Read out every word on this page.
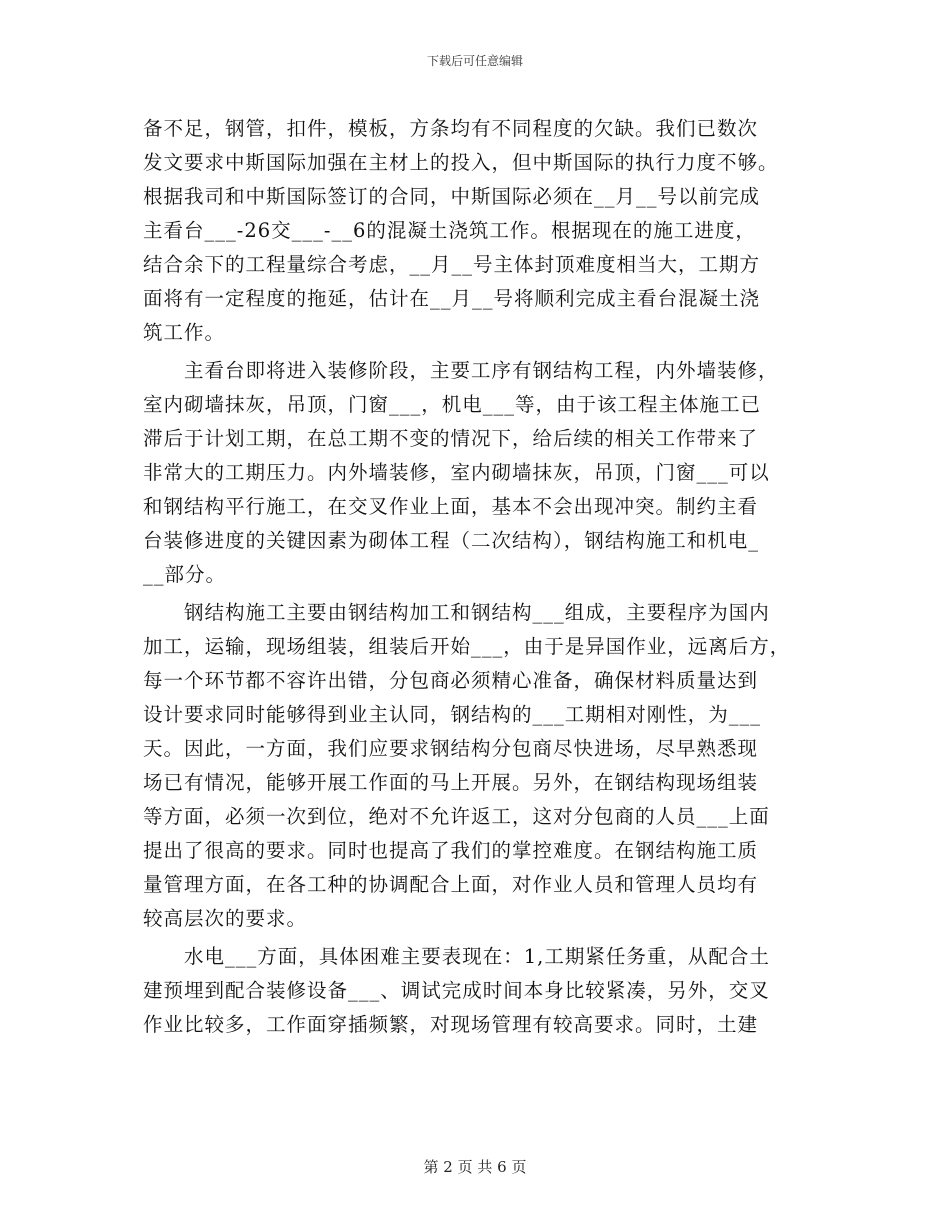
下载后可任意编辑
备不足，钢管，扣件，模板，方条均有不同程度的欠缺。我们已数次
发文要求中斯国际加强在主材上的投入，但中斯国际的执行力度不够。
根据我司和中斯国际签订的合同，中斯国际必须在__月__号以前完成
主看台___-26交___-__6的混凝土浇筑工作。根据现在的施工进度，
结合余下的工程量综合考虑，__月__号主体封顶难度相当大，工期方
面将有一定程度的拖延，估计在__月__号将顺利完成主看台混凝土浇
筑工作。
　　主看台即将进入装修阶段，主要工序有钢结构工程，内外墙装修，
室内砌墙抹灰，吊顶，门窗___，机电___等，由于该工程主体施工已
滞后于计划工期，在总工期不变的情况下，给后续的相关工作带来了
非常大的工期压力。内外墙装修，室内砌墙抹灰，吊顶，门窗___可以
和钢结构平行施工，在交叉作业上面，基本不会出现冲突。制约主看
台装修进度的关键因素为砌体工程（二次结构），钢结构施工和机电_
__部分。
　　钢结构施工主要由钢结构加工和钢结构___组成，主要程序为国内
加工，运输，现场组装，组装后开始___，由于是异国作业，远离后方，
每一个环节都不容许出错，分包商必须精心准备，确保材料质量达到
设计要求同时能够得到业主认同，钢结构的___工期相对刚性，为___
天。因此，一方面，我们应要求钢结构分包商尽快进场，尽早熟悉现
场已有情况，能够开展工作面的马上开展。另外，在钢结构现场组装
等方面，必须一次到位，绝对不允许返工，这对分包商的人员___上面
提出了很高的要求。同时也提高了我们的掌控难度。在钢结构施工质
量管理方面，在各工种的协调配合上面，对作业人员和管理人员均有
较高层次的要求。
　　水电___方面，具体困难主要表现在：1,工期紧任务重，从配合土
建预埋到配合装修设备___、调试完成时间本身比较紧凑，另外，交叉
作业比较多，工作面穿插频繁，对现场管理有较高要求。同时，土建
第 2 页 共 6 页
